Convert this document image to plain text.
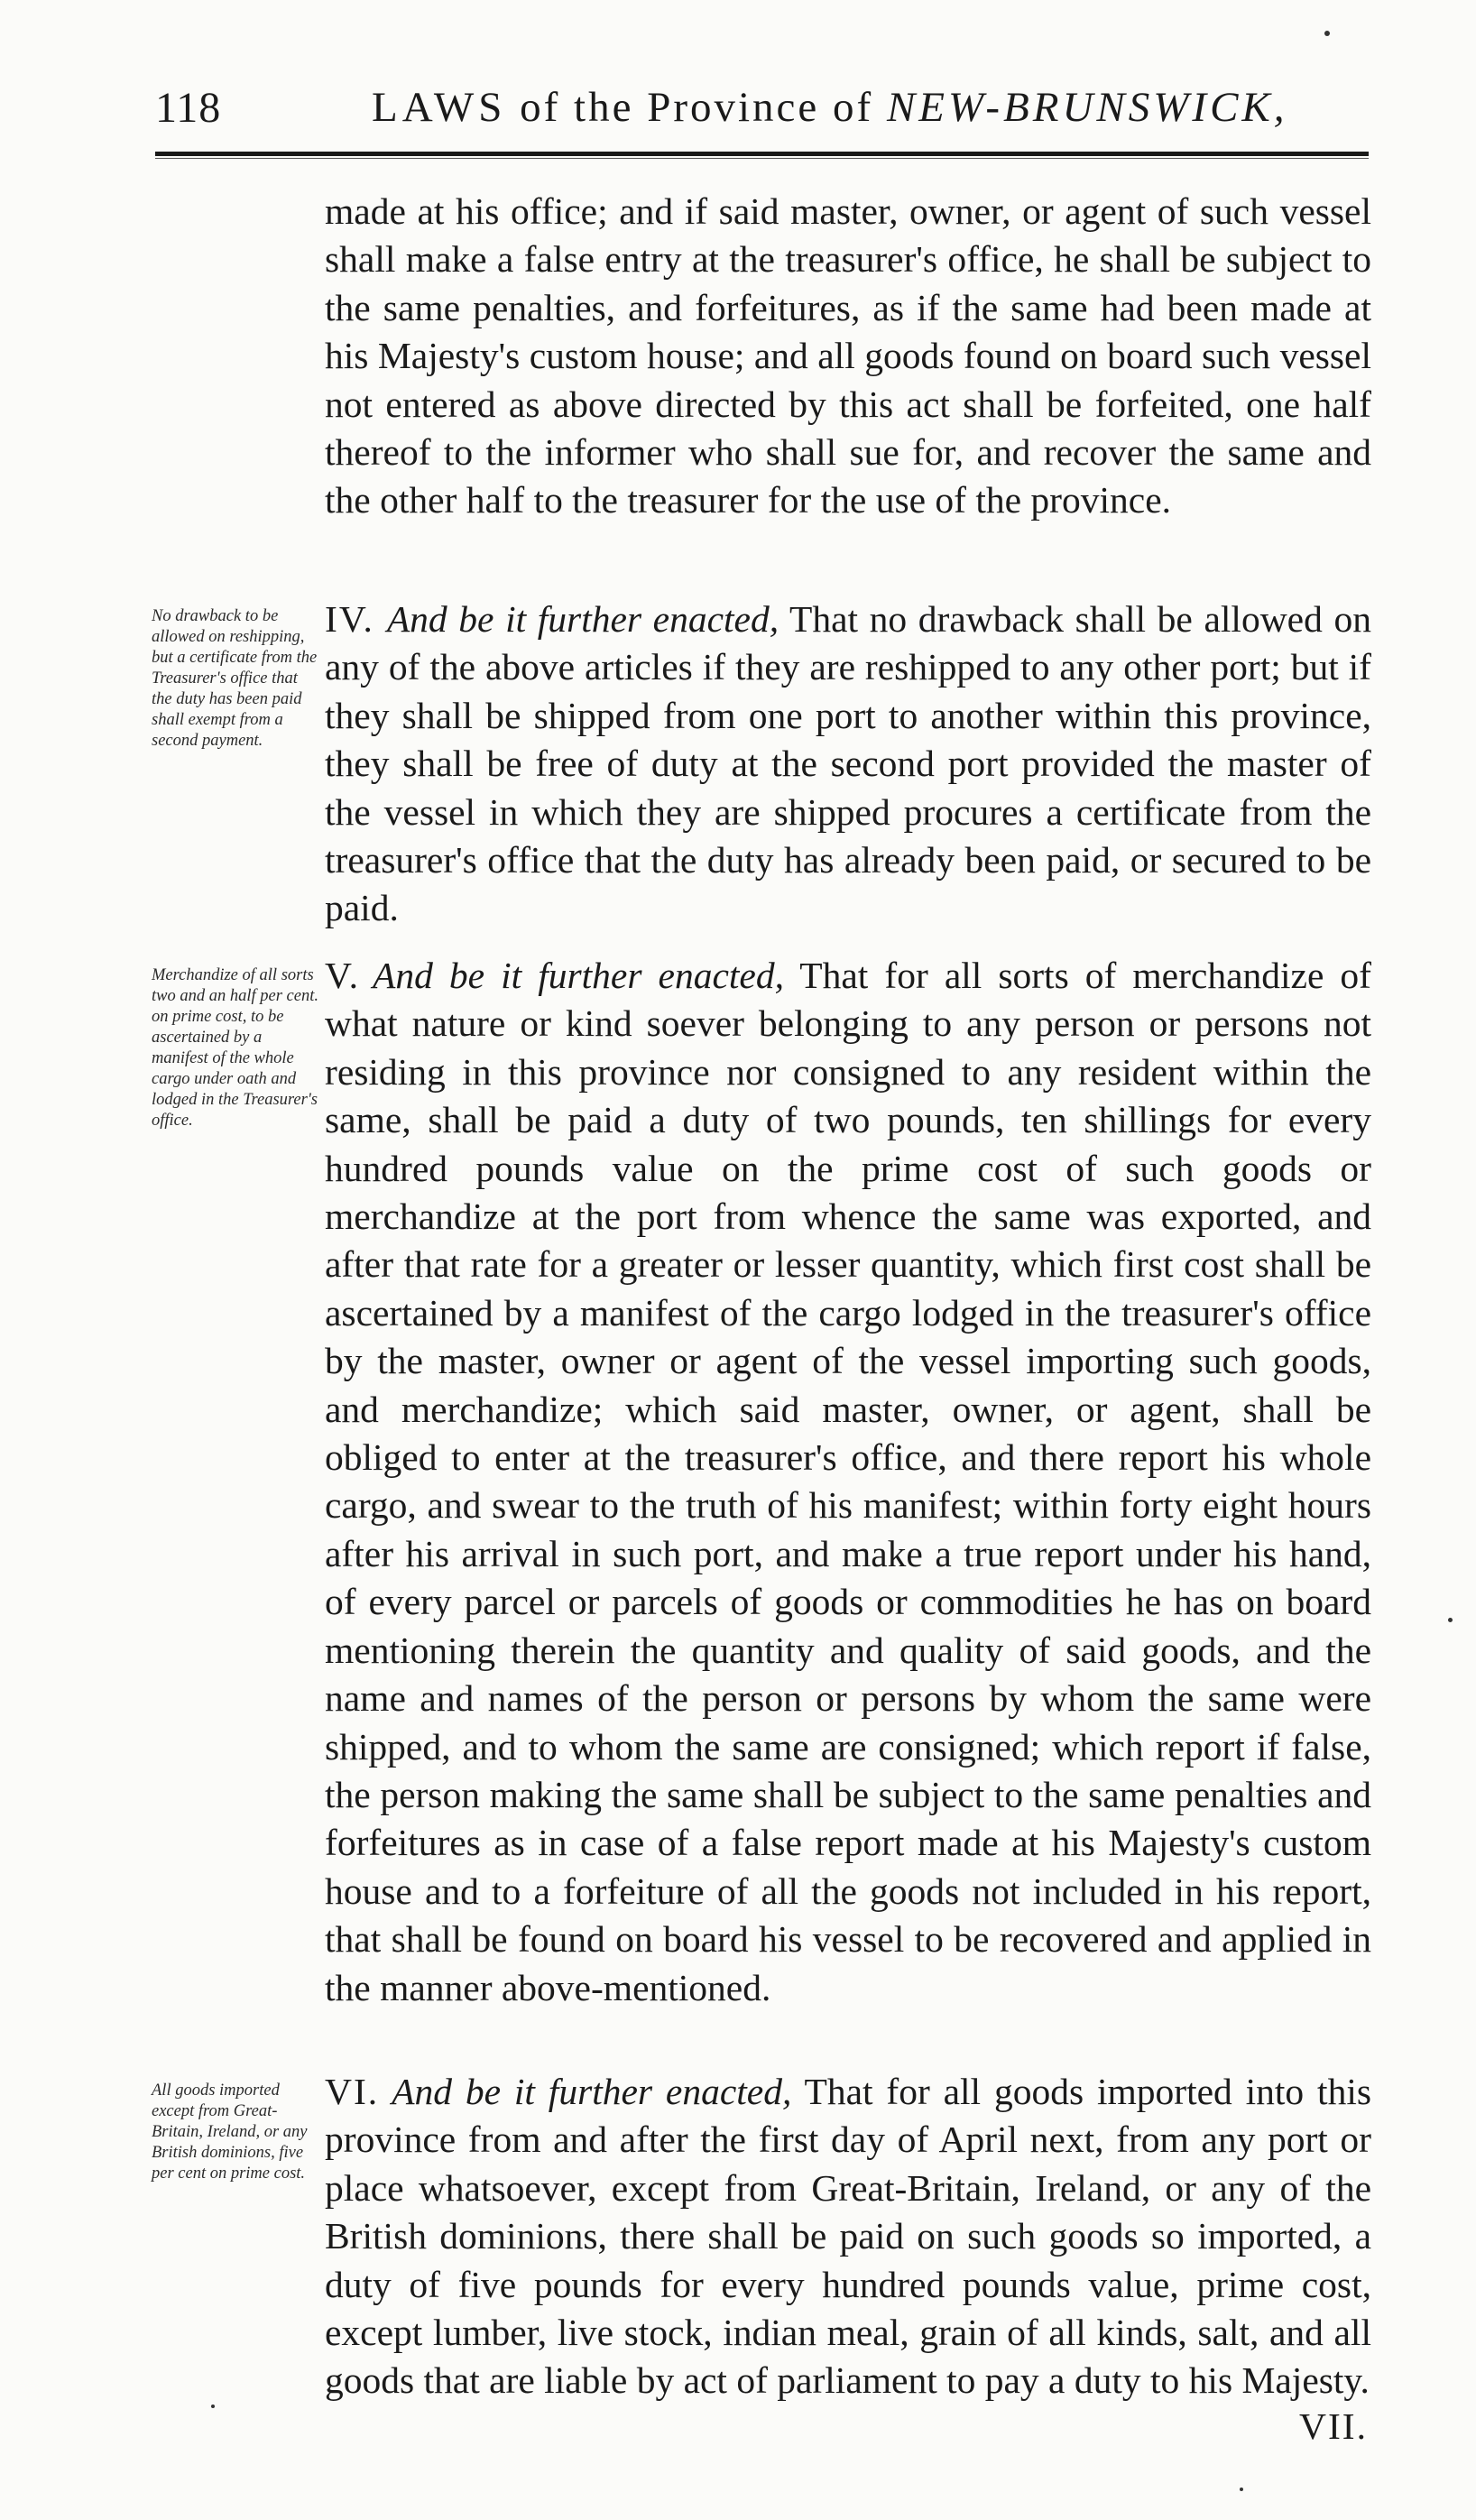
118	LAWS of the Province of NEW-BRUNSWICK,

made at his office; and if said master, owner, or agent of such vessel shall make a false entry at the treasurer's office, he shall be subject to the same penalties, and forfeitures, as if the same had been made at his Majesty's custom house; and all goods found on board such vessel not entered as above directed by this act shall be forfeited, one half thereof to the informer who shall sue for, and recover the same and the other half to the treasurer for the use of the province.

No drawback to be allowed on reshipping, but a certificate from the Treasurer's office that the duty has been paid shall exempt from a second payment.

IV. And be it further enacted, That no drawback shall be allowed on any of the above articles if they are reshipped to any other port; but if they shall be shipped from one port to another within this province, they shall be free of duty at the second port provided the master of the vessel in which they are shipped procures a certificate from the treasurer's office that the duty has already been paid, or secured to be paid.

Merchandize of all sorts two and an half per cent. on prime cost, to be ascertained by a manifest of the whole cargo under oath and lodged in the Treasurer's office.

V. And be it further enacted, That for all sorts of merchandize of what nature or kind soever belonging to any person or persons not residing in this province nor consigned to any resident within the same, shall be paid a duty of two pounds, ten shillings for every hundred pounds value on the prime cost of such goods or merchandize at the port from whence the same was exported, and after that rate for a greater or lesser quantity, which first cost shall be ascertained by a manifest of the cargo lodged in the treasurer's office by the master, owner or agent of the vessel importing such goods, and merchandize; which said master, owner, or agent, shall be obliged to enter at the treasurer's office, and there report his whole cargo, and swear to the truth of his manifest; within forty eight hours after his arrival in such port, and make a true report under his hand, of every parcel or parcels of goods or commodities he has on board mentioning therein the quantity and quality of said goods, and the name and names of the person or persons by whom the same were shipped, and to whom the same are consigned; which report if false, the person making the same shall be subject to the same penalties and forfeitures as in case of a false report made at his Majesty's custom house and to a forfeiture of all the goods not included in his report, that shall be found on board his vessel to be recovered and applied in the manner above-mentioned.

All goods imported except from Great-Britain, Ireland, or any British dominions, five per cent on prime cost.

VI. And be it further enacted, That for all goods imported into this province from and after the first day of April next, from any port or place whatsoever, except from Great-Britain, Ireland, or any of the British dominions, there shall be paid on such goods so imported, a duty of five pounds for every hundred pounds value, prime cost, except lumber, live stock, indian meal, grain of all kinds, salt, and all goods that are liable by act of parliament to pay a duty to his Majesty.

VII.
